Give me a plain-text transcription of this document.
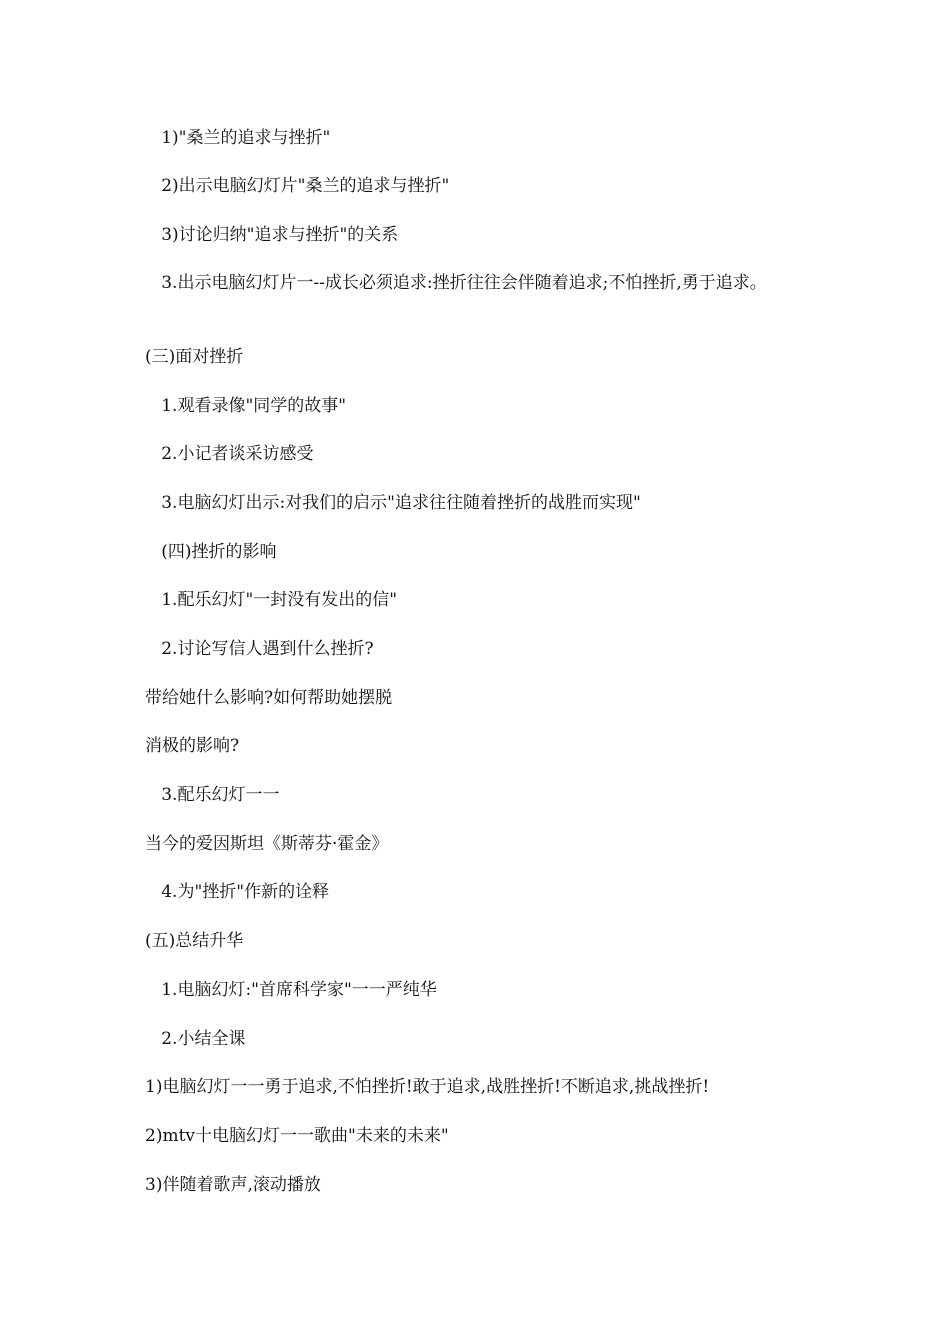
1)"桑兰的追求与挫折"
2)出示电脑幻灯片"桑兰的追求与挫折"
3)讨论归纳"追求与挫折"的关系
3.出示电脑幻灯片一--成长必须追求:挫折往往会伴随着追求;不怕挫折,勇于追求。
(三)面对挫折
1.观看录像"同学的故事"
2.小记者谈采访感受
3.电脑幻灯出示:对我们的启示"追求往往随着挫折的战胜而实现"
(四)挫折的影响
1.配乐幻灯"一封没有发出的信"
2.讨论写信人遇到什么挫折?
带给她什么影响?如何帮助她摆脱
消极的影响?
3.配乐幻灯一一
当今的爱因斯坦《斯蒂芬·霍金》
4.为"挫折"作新的诠释
(五)总结升华
1.电脑幻灯:"首席科学家"一一严纯华
2.小结全课
1)电脑幻灯一一勇于追求,不怕挫折!敢于追求,战胜挫折!不断追求,挑战挫折!
2)mtv十电脑幻灯一一歌曲"未来的未来"
3)伴随着歌声,滚动播放
